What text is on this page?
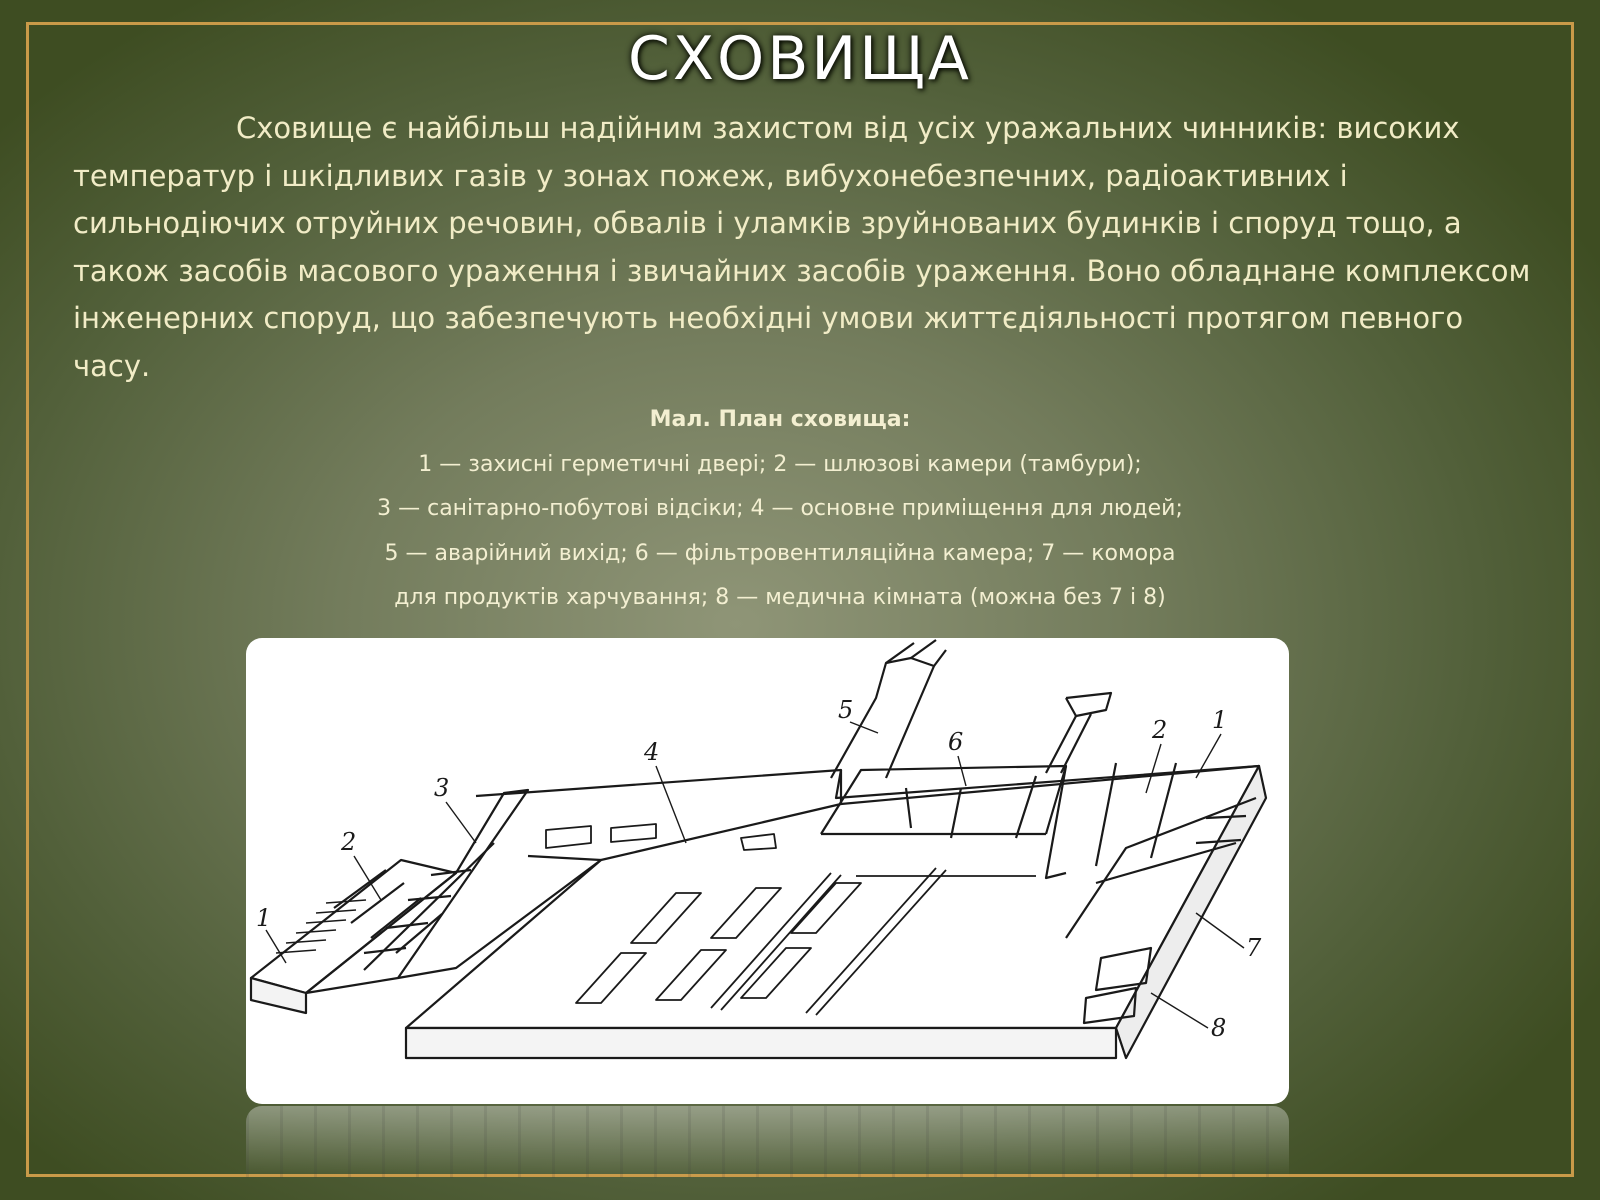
СХОВИЩА

Сховище є найбільш надійним захистом від усіх уражальних чинників: високих температур і шкідливих газів у зонах пожеж, вибухонебезпечних, радіоактивних і сильнодіючих отруйних речовин, обвалів і уламків зруйнованих будинків і споруд тощо, а також засобів масового ураження і звичайних засобів ураження. Воно обладнане комплексом інженерних споруд, що забезпечують необхідні умови життєдіяльності протягом певного часу.

Мал. План сховища:
1 — захисні герметичні двері; 2 — шлюзові камери (тамбури);
3 — санітарно-побутові відсіки; 4 — основне приміщення для людей;
5 — аварійний вихід; 6 — фільтровентиляційна камера; 7 — комора
для продуктів харчування; 8 — медична кімната (можна без 7 і 8)
1
2
3
4
5
6	2 1
7
8
